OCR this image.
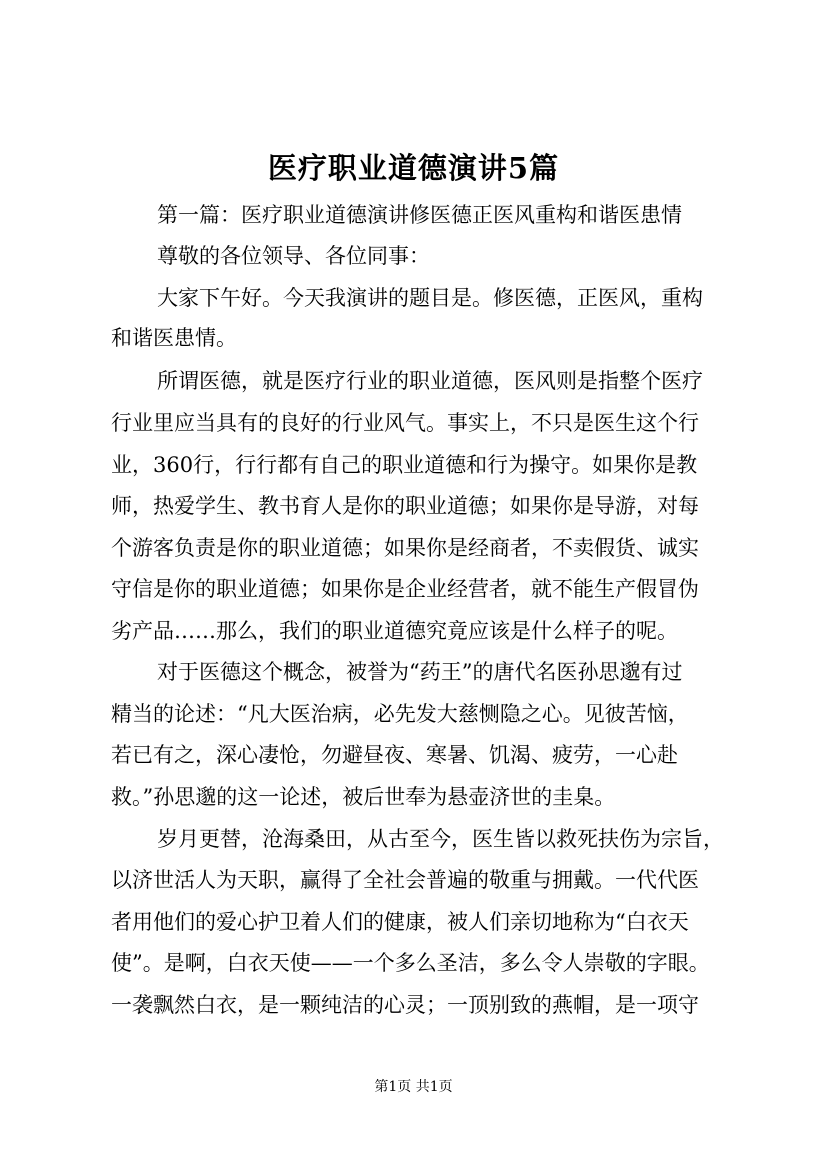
医疗职业道德演讲5篇
第一篇：医疗职业道德演讲修医德正医风重构和谐医患情
尊敬的各位领导、各位同事：
大家下午好。今天我演讲的题目是。修医德，正医风，重构
和谐医患情。
所谓医德，就是医疗行业的职业道德，医风则是指整个医疗
行业里应当具有的良好的行业风气。事实上，不只是医生这个行
业，360行，行行都有自己的职业道德和行为操守。如果你是教
师，热爱学生、教书育人是你的职业道德；如果你是导游，对每
个游客负责是你的职业道德；如果你是经商者，不卖假货、诚实
守信是你的职业道德；如果你是企业经营者，就不能生产假冒伪
劣产品……那么，我们的职业道德究竟应该是什么样子的呢。
对于医德这个概念，被誉为“药王”的唐代名医孙思邈有过
精当的论述：“凡大医治病，必先发大慈恻隐之心。见彼苦恼，
若已有之，深心凄怆，勿避昼夜、寒暑、饥渴、疲劳，一心赴
救。”孙思邈的这一论述，被后世奉为悬壶济世的圭臬。
岁月更替，沧海桑田，从古至今，医生皆以救死扶伤为宗旨，
以济世活人为天职，赢得了全社会普遍的敬重与拥戴。一代代医
者用他们的爱心护卫着人们的健康，被人们亲切地称为“白衣天
使”。是啊，白衣天使——一个多么圣洁，多么令人崇敬的字眼。
一袭飘然白衣，是一颗纯洁的心灵；一顶别致的燕帽，是一项守
第1页 共1页
